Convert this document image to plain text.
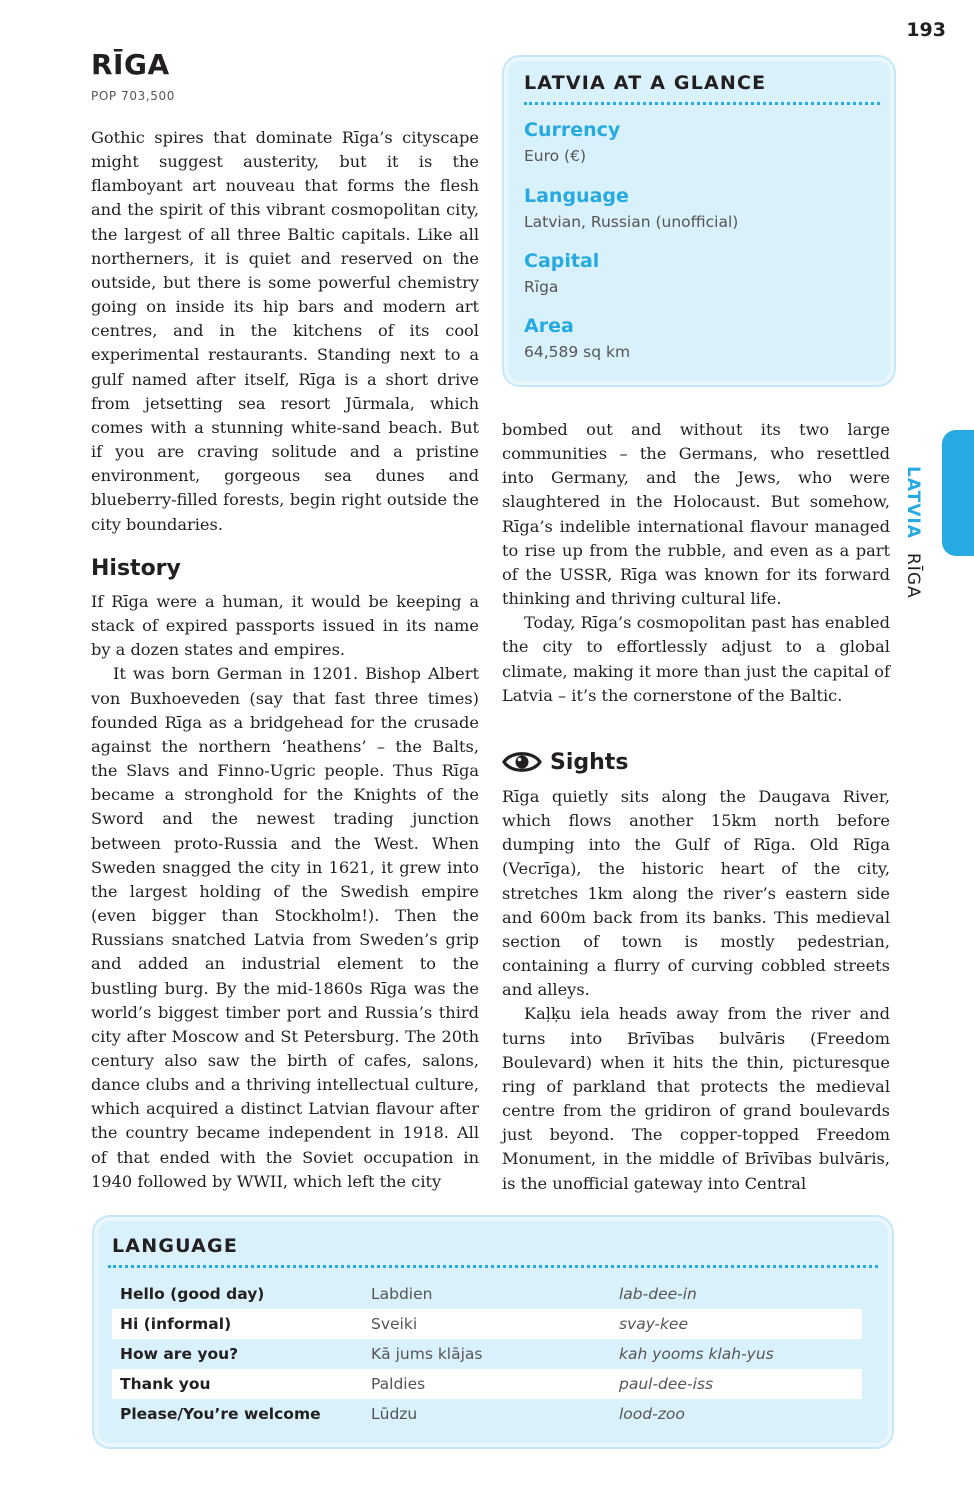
193
LATVIA RĪGA
RĪGA
POP 703,500

Gothic spires that dominate Rīga’s cityscape might suggest austerity, but it is the flamboyant art nouveau that forms the flesh and the spirit of this vibrant cosmopolitan city, the largest of all three Baltic capitals. Like all northerners, it is quiet and reserved on the outside, but there is some powerful chemistry going on inside its hip bars and modern art centres, and in the kitchens of its cool experimental restaurants. Standing next to a gulf named after itself, Rīga is a short drive from jetsetting sea resort Jūrmala, which comes with a stunning white-sand beach. But if you are craving solitude and a pristine environment, gorgeous sea dunes and blueberry-filled forests, begin right outside the city boundaries.

History

If Rīga were a human, it would be keeping a stack of expired passports issued in its name by a dozen states and empires.

It was born German in 1201. Bishop Albert von Buxhoeveden (say that fast three times) founded Rīga as a bridgehead for the crusade against the northern ‘heathens’ – the Balts, the Slavs and Finno-Ugric people. Thus Rīga became a stronghold for the Knights of the Sword and the newest trading junction between proto-Russia and the West. When Sweden snagged the city in 1621, it grew into the largest holding of the Swedish empire (even bigger than Stockholm!). Then the Russians snatched Latvia from Sweden’s grip and added an industrial element to the bustling burg. By the mid-1860s Rīga was the world’s biggest timber port and Russia’s third city after Moscow and St Petersburg. The 20th century also saw the birth of cafes, salons, dance clubs and a thriving intellectual culture, which acquired a distinct Latvian flavour after the country became independent in 1918. All of that ended with the Soviet occupation in 1940 followed by WWII, which left the city

bombed out and without its two large communities – the Germans, who resettled into Germany, and the Jews, who were slaughtered in the Holocaust. But somehow, Rīga’s indelible international flavour managed to rise up from the rubble, and even as a part of the USSR, Rīga was known for its forward thinking and thriving cultural life.

Today, Rīga’s cosmopolitan past has enabled the city to effortlessly adjust to a global climate, making it more than just the capital of Latvia – it’s the cornerstone of the Baltic.

Sights

Rīga quietly sits along the Daugava River, which flows another 15km north before dumping into the Gulf of Rīga. Old Rīga (Vecrīga), the historic heart of the city, stretches 1km along the river’s eastern side and 600m back from its banks. This medieval section of town is mostly pedestrian, containing a flurry of curving cobbled streets and alleys.

Kaļķu iela heads away from the river and turns into Brīvības bulvāris (Freedom Boulevard) when it hits the thin, picturesque ring of parkland that protects the medieval centre from the gridiron of grand boulevards just beyond. The copper-topped Freedom Monument, in the middle of Brīvības bulvāris, is the unofficial gateway into Central

LATVIA AT A GLANCE
Currency
Euro (€)
Language
Latvian, Russian (unofficial)
Capital
Rīga
Area
64,589 sq km
LANGUAGE
Hello (good day)	Labdien	lab-dee-in
Hi (informal)	Sveiki	svay-kee
How are you?	Kā jums klājas	kah yooms klah-yus
Thank you	Paldies	paul-dee-iss
Please/You’re welcome	Lūdzu	lood-zoo
